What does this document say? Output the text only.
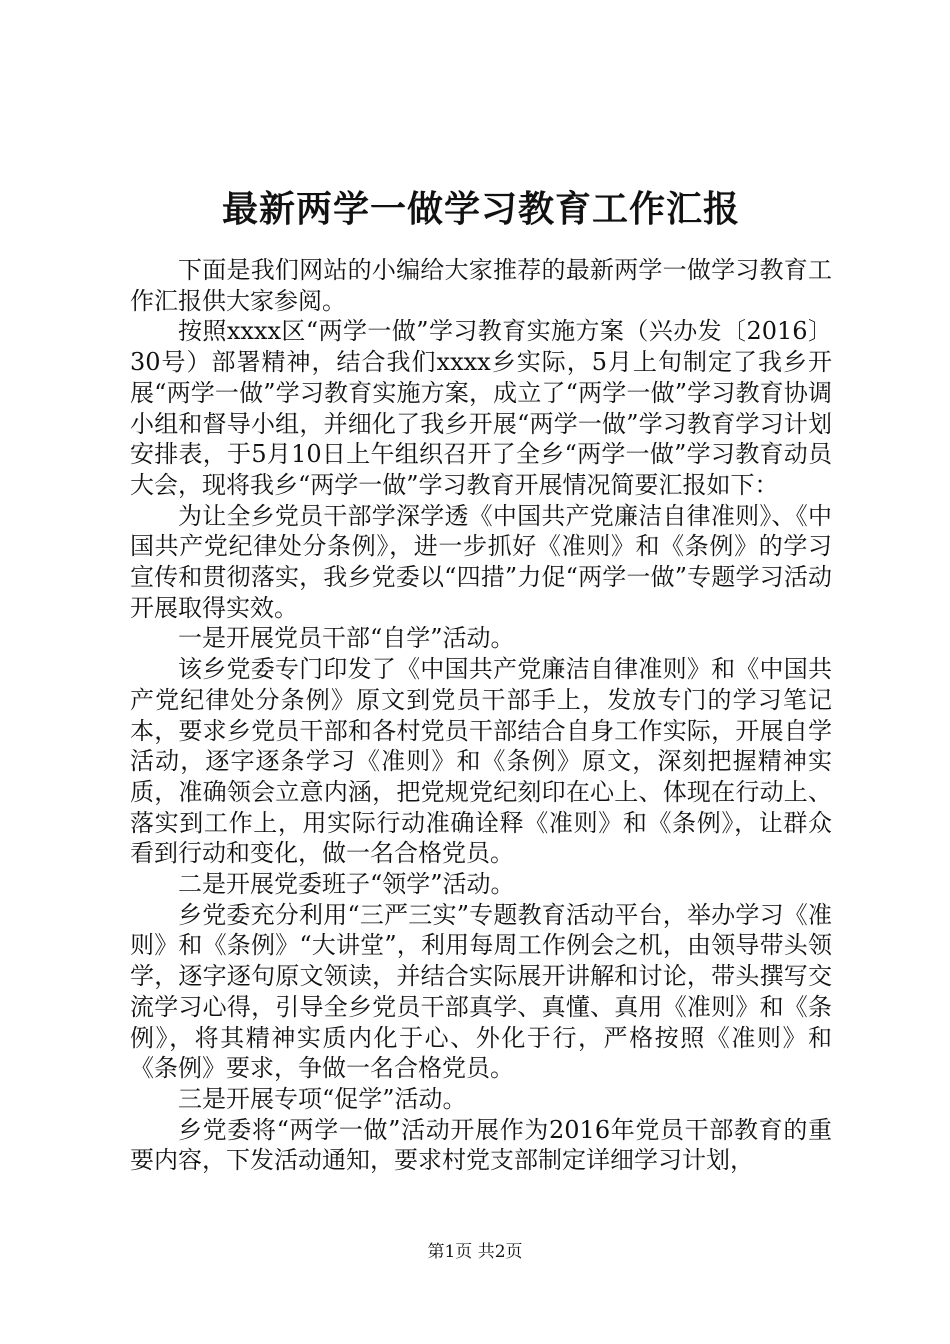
最新两学一做学习教育工作汇报

下面是我们网站的小编给大家推荐的最新两学一做学习教育工作汇报供大家参阅。

按照xxxx区“两学一做”学习教育实施方案（兴办发〔2016〕30号）部署精神，结合我们xxxx乡实际，5月上旬制定了我乡开展“两学一做”学习教育实施方案，成立了“两学一做”学习教育协调小组和督导小组，并细化了我乡开展“两学一做”学习教育学习计划安排表，于5月10日上午组织召开了全乡“两学一做”学习教育动员大会，现将我乡“两学一做”学习教育开展情况简要汇报如下：

为让全乡党员干部学深学透《中国共产党廉洁自律准则》、《中国共产党纪律处分条例》，进一步抓好《准则》和《条例》的学习宣传和贯彻落实，我乡党委以“四措”力促“两学一做”专题学习活动开展取得实效。

一是开展党员干部“自学”活动。

该乡党委专门印发了《中国共产党廉洁自律准则》和《中国共产党纪律处分条例》原文到党员干部手上，发放专门的学习笔记本，要求乡党员干部和各村党员干部结合自身工作实际，开展自学活动，逐字逐条学习《准则》和《条例》原文，深刻把握精神实质，准确领会立意内涵，把党规党纪刻印在心上、体现在行动上、落实到工作上，用实际行动准确诠释《准则》和《条例》，让群众看到行动和变化，做一名合格党员。

二是开展党委班子“领学”活动。

乡党委充分利用“三严三实”专题教育活动平台，举办学习《准则》和《条例》“大讲堂”，利用每周工作例会之机，由领导带头领学，逐字逐句原文领读，并结合实际展开讲解和讨论，带头撰写交流学习心得，引导全乡党员干部真学、真懂、真用《准则》和《条例》，将其精神实质内化于心、外化于行，严格按照《准则》和《条例》要求，争做一名合格党员。

三是开展专项“促学”活动。

乡党委将“两学一做”活动开展作为2016年党员干部教育的重要内容，下发活动通知，要求村党支部制定详细学习计划，

第1页 共2页
